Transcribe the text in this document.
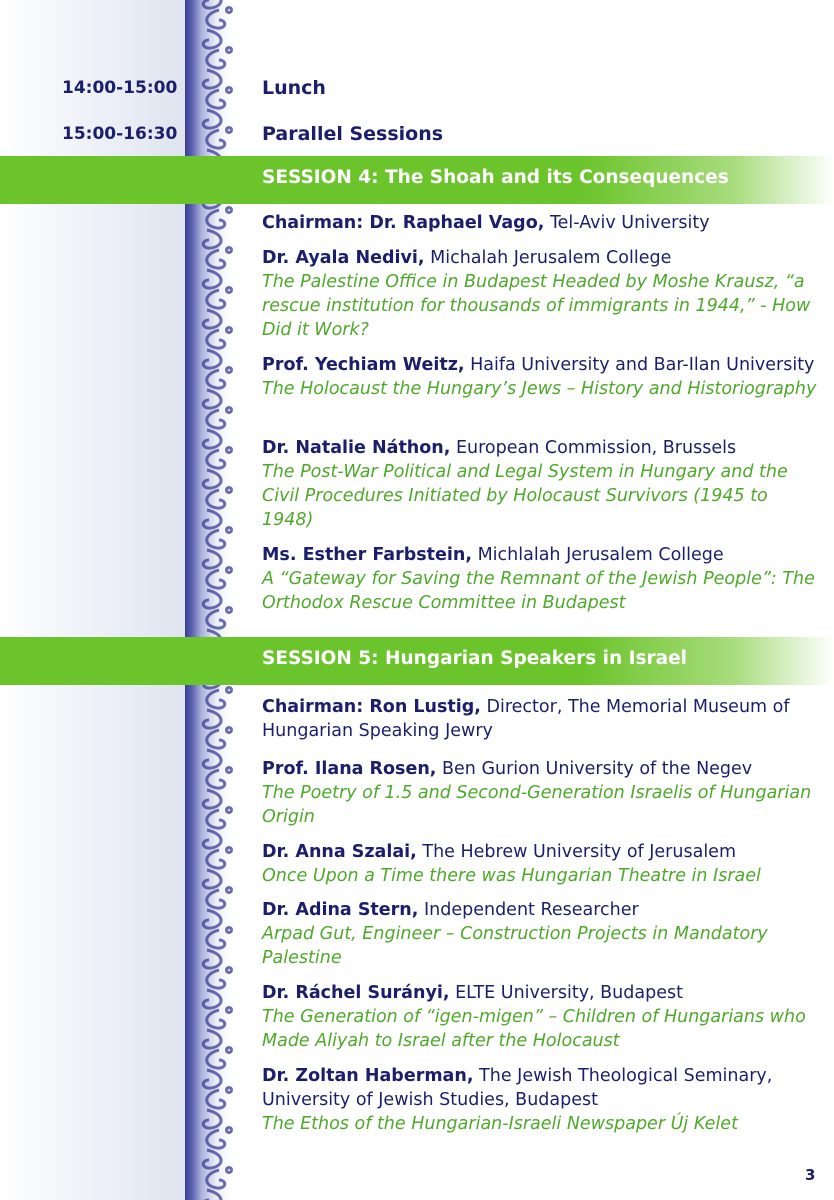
14:00-15:00	Lunch
15:00-16:30	Parallel Sessions
SESSION 4: The Shoah and its Consequences
Chairman: Dr. Raphael Vago, Tel-Aviv University
Dr. Ayala Nedivi, Michalah Jerusalem College
The Palestine Office in Budapest Headed by Moshe Krausz, “a rescue institution for thousands of immigrants in 1944,” - How Did it Work?
Prof. Yechiam Weitz, Haifa University and Bar-Ilan University
The Holocaust the Hungary’s Jews – History and Historiography
Dr. Natalie Náthon, European Commission, Brussels
The Post-War Political and Legal System in Hungary and the Civil Procedures Initiated by Holocaust Survivors (1945 to 1948)
Ms. Esther Farbstein, Michlalah Jerusalem College
A “Gateway for Saving the Remnant of the Jewish People”: The Orthodox Rescue Committee in Budapest
SESSION 5: Hungarian Speakers in Israel
Chairman: Ron Lustig, Director, The Memorial Museum of Hungarian Speaking Jewry
Prof. Ilana Rosen, Ben Gurion University of the Negev
The Poetry of 1.5 and Second-Generation Israelis of Hungarian Origin
Dr. Anna Szalai, The Hebrew University of Jerusalem
Once Upon a Time there was Hungarian Theatre in Israel
Dr. Adina Stern, Independent Researcher
Arpad Gut, Engineer – Construction Projects in Mandatory Palestine
Dr. Ráchel Surányi, ELTE University, Budapest
The Generation of “igen-migen” – Children of Hungarians who Made Aliyah to Israel after the Holocaust
Dr. Zoltan Haberman, The Jewish Theological Seminary, University of Jewish Studies, Budapest
The Ethos of the Hungarian-Israeli Newspaper Új Kelet
3
